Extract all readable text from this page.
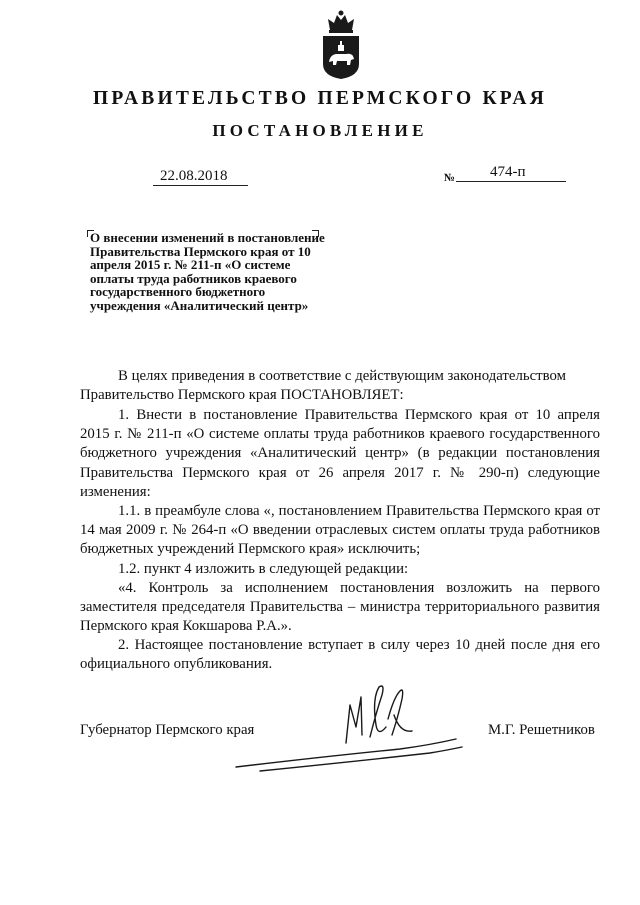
ПРАВИТЕЛЬСТВО ПЕРМСКОГО КРАЯ
ПОСТАНОВЛЕНИЕ
22.08.2018	№ 474-п
О внесении изменений в постановление Правительства Пермского края от 10 апреля 2015 г. № 211-п «О системе оплаты труда работников краевого государственного бюджетного учреждения «Аналитический центр»
В целях приведения в соответствие с действующим законодательством
Правительство Пермского края ПОСТАНОВЛЯЕТ:
1. Внести в постановление Правительства Пермского края от 10 апреля 2015 г. № 211-п «О системе оплаты труда работников краевого государственного бюджетного учреждения «Аналитический центр» (в редакции постановления Правительства Пермского края от 26 апреля 2017 г. № 290-п) следующие изменения:
1.1. в преамбуле слова «, постановлением Правительства Пермского края от 14 мая 2009 г. № 264-п «О введении отраслевых систем оплаты труда работников бюджетных учреждений Пермского края» исключить;
1.2. пункт 4 изложить в следующей редакции:
«4. Контроль за исполнением постановления возложить на первого заместителя председателя Правительства – министра территориального развития Пермского края Кокшарова Р.А.».
2. Настоящее постановление вступает в силу через 10 дней после дня его официального опубликования.
Губернатор Пермского края	М.Г. Решетников
